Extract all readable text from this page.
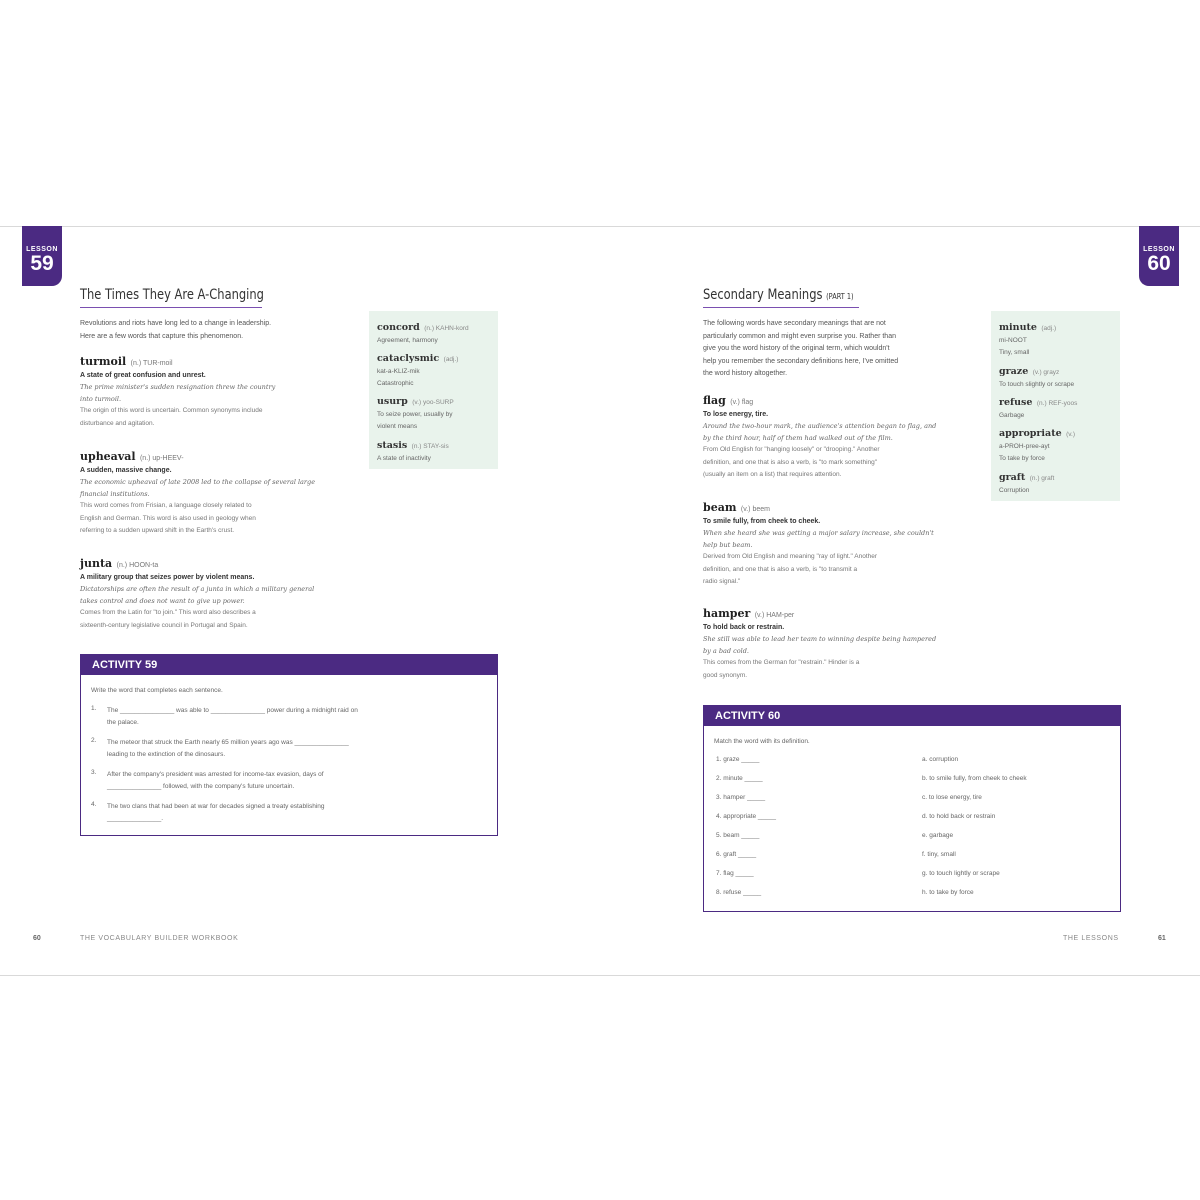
LESSON
59
The Times They Are A-Changing
Revolutions and riots have long led to a change in leadership.
Here are a few words that capture this phenomenon.
turmoil (n.) TUR-moil
A state of great confusion and unrest.
The prime minister's sudden resignation threw the country
into turmoil.
The origin of this word is uncertain. Common synonyms include
disturbance and agitation.
upheaval (n.) up-HEEV-
A sudden, massive change.
The economic upheaval of late 2008 led to the collapse of several large
financial institutions.
This word comes from Frisian, a language closely related to
English and German. This word is also used in geology when
referring to a sudden upward shift in the Earth's crust.
junta (n.) HOON-ta
A military group that seizes power by violent means.
Dictatorships are often the result of a junta in which a military general
takes control and does not want to give up power.
Comes from the Latin for "to join." This word also describes a
sixteenth-century legislative council in Portugal and Spain.
concord (n.) KAHN-kord
Agreement, harmony
cataclysmic (adj.)
kat-a-KLIZ-mik
Catastrophic
usurp (v.) yoo-SURP
To seize power, usually by
violent means
stasis (n.) STAY-sis
A state of inactivity
ACTIVITY 59
Write the word that completes each sentence.
1. The _______________ was able to _______________ power during a midnight raid on
the palace.
2. The meteor that struck the Earth nearly 65 million years ago was _______________
leading to the extinction of the dinosaurs.
3. After the company's president was arrested for income-tax evasion, days of
_______________ followed, with the company's future uncertain.
4. The two clans that had been at war for decades signed a treaty establishing
_______________.
60	THE VOCABULARY BUILDER WORKBOOK
LESSON
60
Secondary Meanings (PART 1)
The following words have secondary meanings that are not
particularly common and might even surprise you. Rather than
give you the word history of the original term, which wouldn't
help you remember the secondary definitions here, I've omitted
the word history altogether.
flag (v.) flag
To lose energy, tire.
Around the two-hour mark, the audience's attention began to flag, and
by the third hour, half of them had walked out of the film.
From Old English for "hanging loosely" or "drooping." Another
definition, and one that is also a verb, is "to mark something"
(usually an item on a list) that requires attention.
beam (v.) beem
To smile fully, from cheek to cheek.
When she heard she was getting a major salary increase, she couldn't
help but beam.
Derived from Old English and meaning "ray of light." Another
definition, and one that is also a verb, is "to transmit a
radio signal."
hamper (v.) HAM-per
To hold back or restrain.
She still was able to lead her team to winning despite being hampered
by a bad cold.
This comes from the German for "restrain." Hinder is a
good synonym.
minute (adj.)
mi-NOOT
Tiny, small
graze (v.) grayz
To touch slightly or scrape
refuse (n.) REF-yoos
Garbage
appropriate (v.)
a-PROH-pree-ayt
To take by force
graft (n.) graft
Corruption
ACTIVITY 60
Match the word with its definition.
1. graze _____
2. minute _____
3. hamper _____
4. appropriate _____
5. beam _____
6. graft _____
7. flag _____
8. refuse _____
a. corruption
b. to smile fully, from cheek to cheek
c. to lose energy, tire
d. to hold back or restrain
e. garbage
f. tiny, small
g. to touch lightly or scrape
h. to take by force
THE LESSONS	61
